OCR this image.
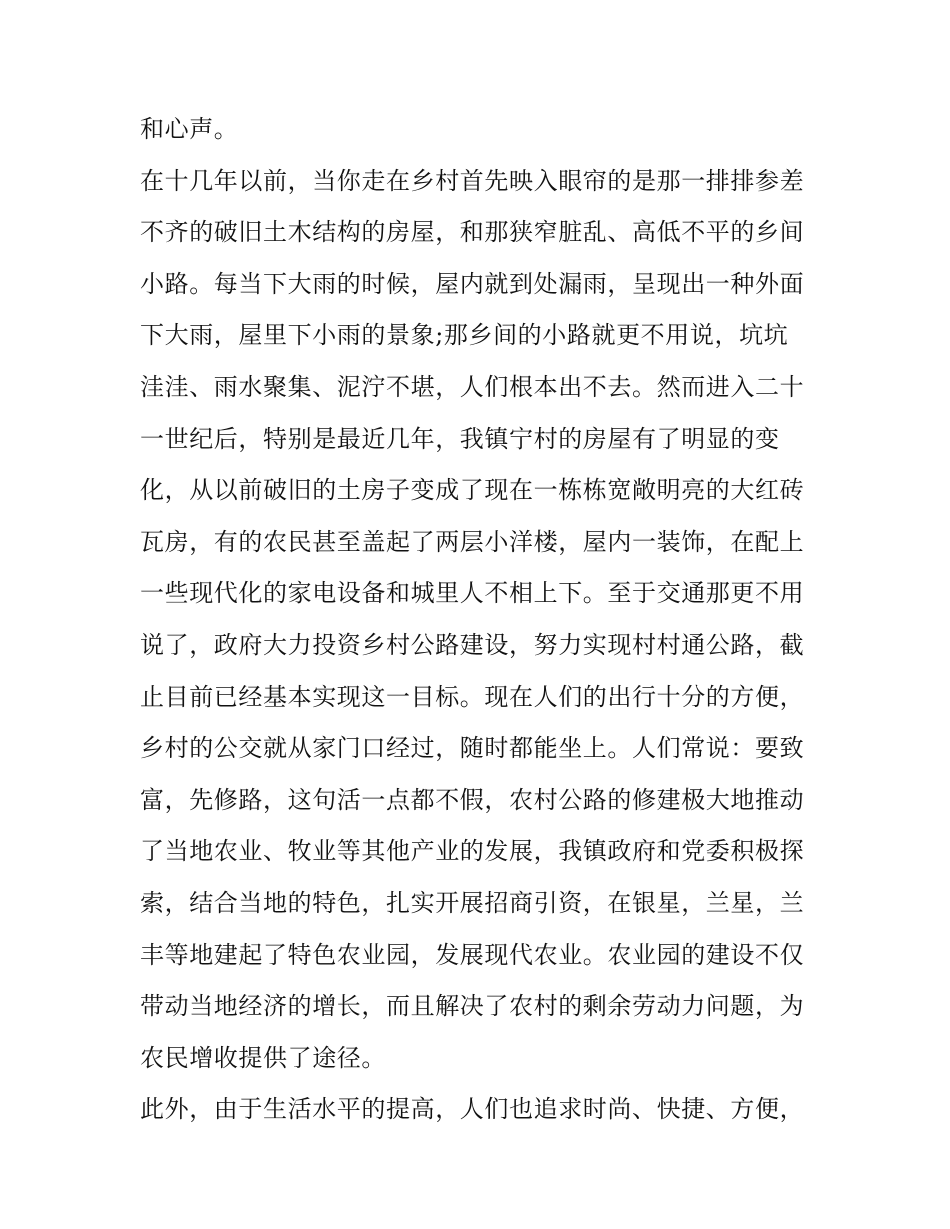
和心声。
在十几年以前，当你走在乡村首先映入眼帘的是那一排排参差
不齐的破旧土木结构的房屋，和那狭窄脏乱、高低不平的乡间
小路。每当下大雨的时候，屋内就到处漏雨，呈现出一种外面
下大雨，屋里下小雨的景象;那乡间的小路就更不用说，坑坑
洼洼、雨水聚集、泥泞不堪，人们根本出不去。然而进入二十
一世纪后，特别是最近几年，我镇宁村的房屋有了明显的变
化，从以前破旧的土房子变成了现在一栋栋宽敞明亮的大红砖
瓦房，有的农民甚至盖起了两层小洋楼，屋内一装饰，在配上
一些现代化的家电设备和城里人不相上下。至于交通那更不用
说了，政府大力投资乡村公路建设，努力实现村村通公路，截
止目前已经基本实现这一目标。现在人们的出行十分的方便，
乡村的公交就从家门口经过，随时都能坐上。人们常说：要致
富，先修路，这句活一点都不假，农村公路的修建极大地推动
了当地农业、牧业等其他产业的发展，我镇政府和党委积极探
索，结合当地的特色，扎实开展招商引资，在银星，兰星，兰
丰等地建起了特色农业园，发展现代农业。农业园的建设不仅
带动当地经济的增长，而且解决了农村的剩余劳动力问题，为
农民增收提供了途径。
此外，由于生活水平的提高，人们也追求时尚、快捷、方便，
